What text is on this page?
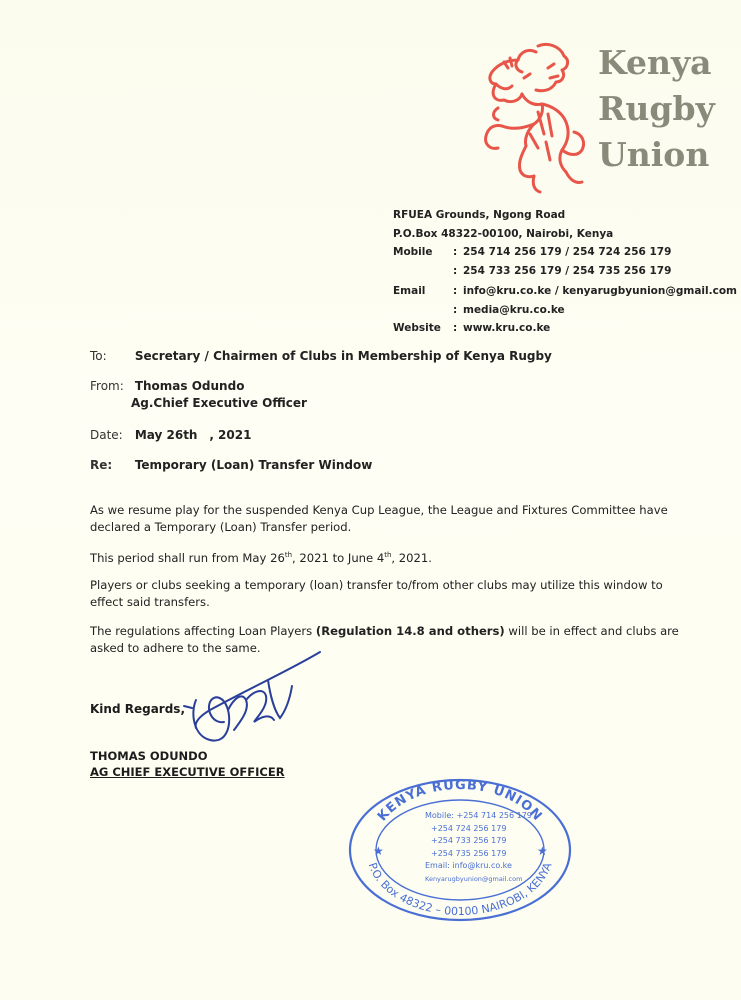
Kenya
Rugby
Union
RFUEA Grounds, Ngong Road
P.O.Box 48322-00100, Nairobi, Kenya
Mobile	: 254 714 256 179 / 254 724 256 179
: 254 733 256 179 / 254 735 256 179
Email	: info@kru.co.ke / kenyarugbyunion@gmail.com
: media@kru.co.ke
Website	: www.kru.co.ke
To: Secretary / Chairmen of Clubs in Membership of Kenya Rugby
From: Thomas Odundo
Ag.Chief Executive Officer
Date: May 26th , 2021
Re: Temporary (Loan) Transfer Window
As we resume play for the suspended Kenya Cup League, the League and Fixtures Committee have declared a Temporary (Loan) Transfer period.
This period shall run from May 26th, 2021 to June 4th, 2021.
Players or clubs seeking a temporary (loan) transfer to/from other clubs may utilize this window to effect said transfers.
The regulations affecting Loan Players (Regulation 14.8 and others) will be in effect and clubs are asked to adhere to the same.
Kind Regards,
THOMAS ODUNDO
AG CHIEF EXECUTIVE OFFICER
KENYA RUGBY UNION
P.O. Box 48322 – 00100 NAIROBI, KENYA
★	★
Mobile: +254 714 256 179
+254 724 256 179
+254 733 256 179
+254 735 256 179
Email: info@kru.co.ke
Kenyarugbyunion@gmail.com
